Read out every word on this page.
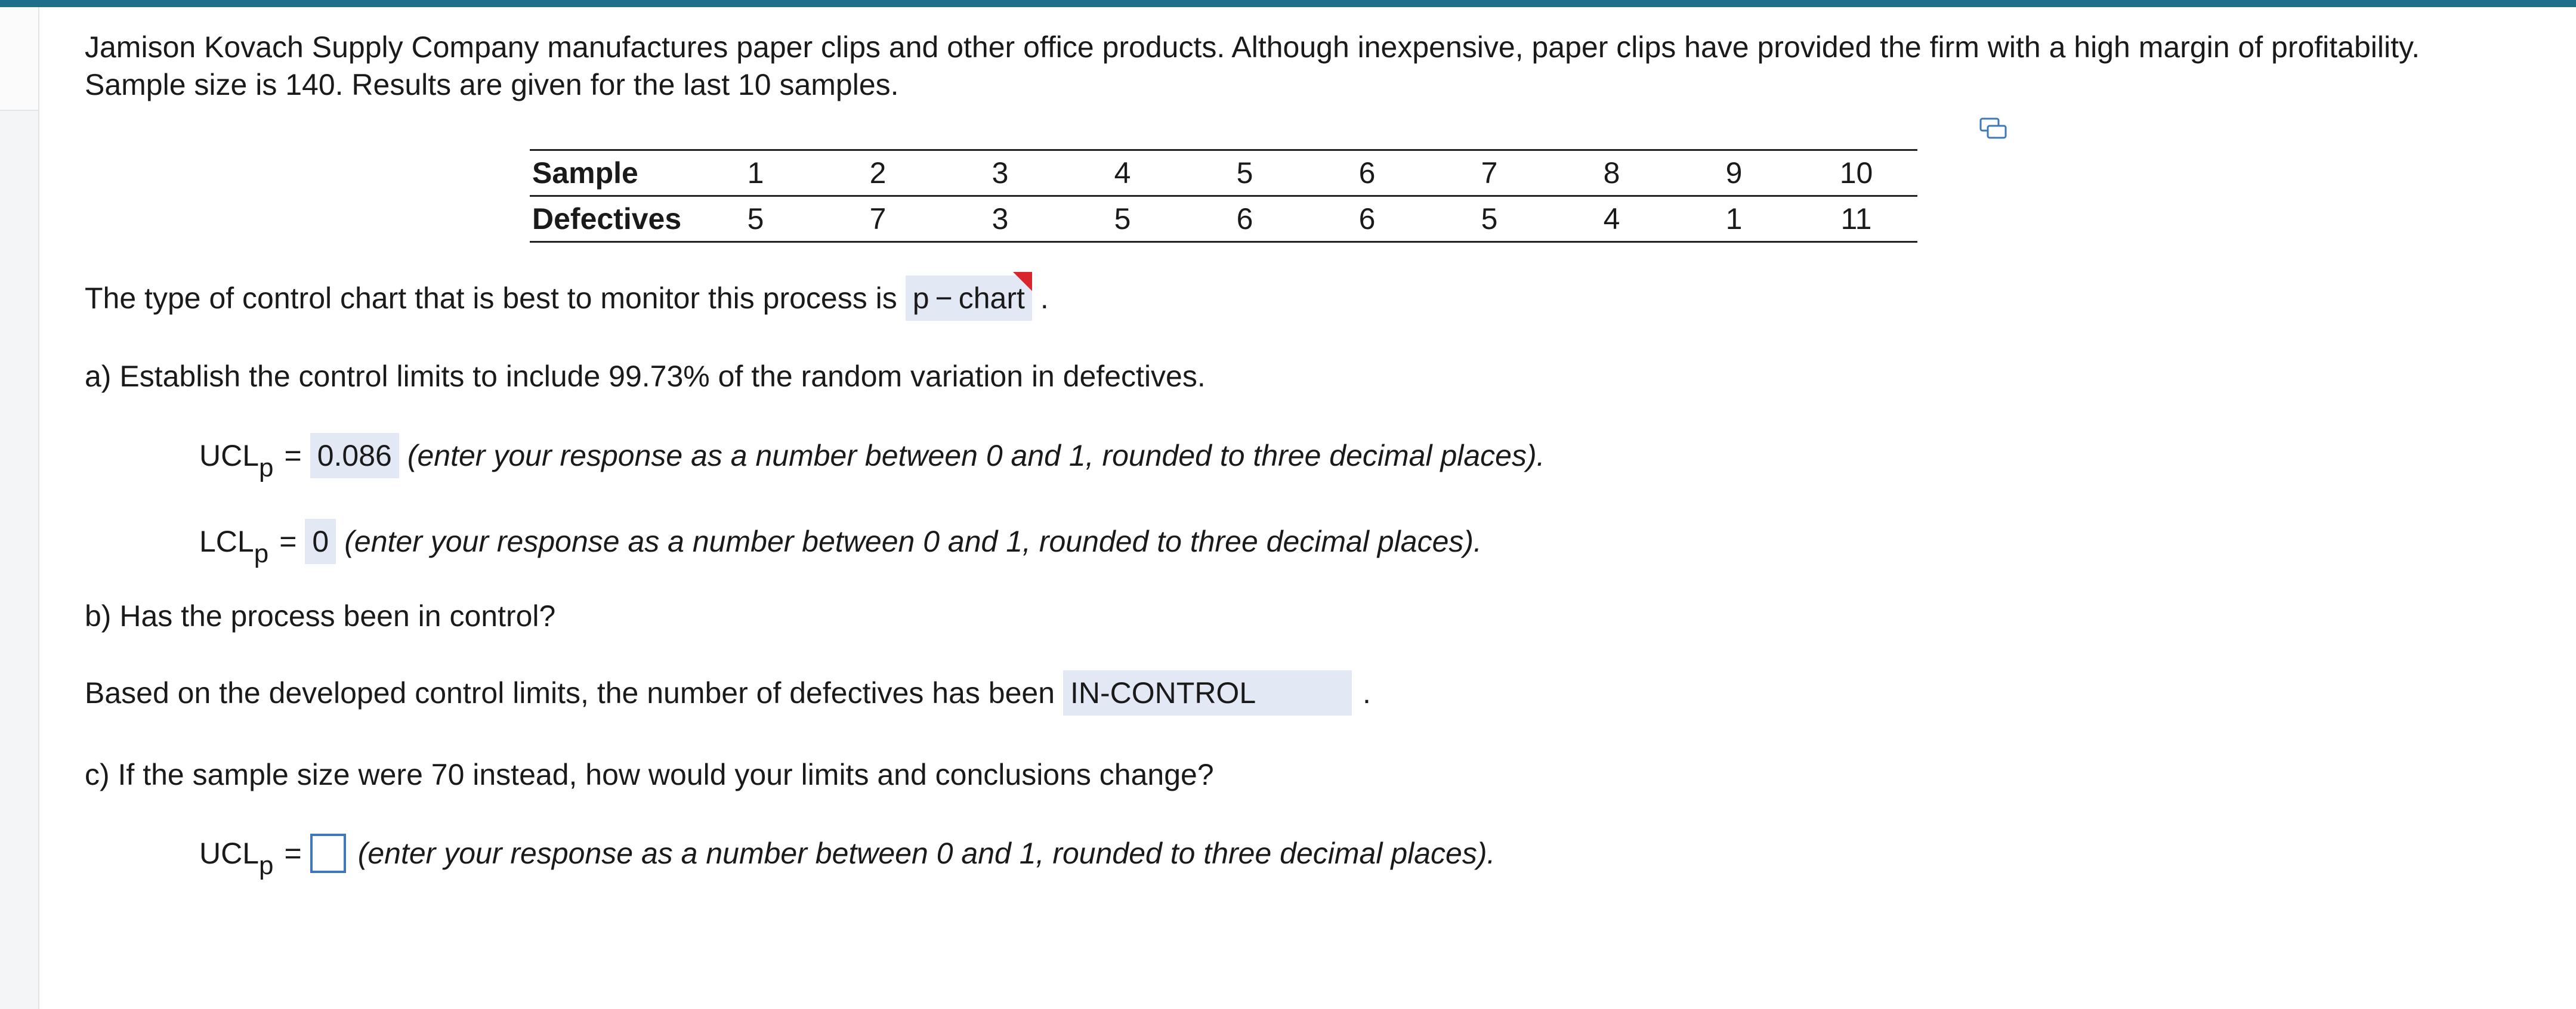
Jamison Kovach Supply Company manufactures paper clips and other office products. Although inexpensive, paper clips have provided the firm with a high margin of profitability.
Sample size is 140. Results are given for the last 10 samples.

Sample	1	2	3	4	5	6	7	8	9	10
Defectives	5	7	3	5	6	6	5	4	1	11
The type of control chart that is best to monitor this process is p − chart .
a) Establish the control limits to include 99.73% of the random variation in defectives.
UCLp = 0.086 (enter your response as a number between 0 and 1, rounded to three decimal places).
LCLp = 0 (enter your response as a number between 0 and 1, rounded to three decimal places).
b) Has the process been in control?
Based on the developed control limits, the number of defectives has been IN-CONTROL	.
c) If the sample size were 70 instead, how would your limits and conclusions change?
UCLp = (enter your response as a number between 0 and 1, rounded to three decimal places).
